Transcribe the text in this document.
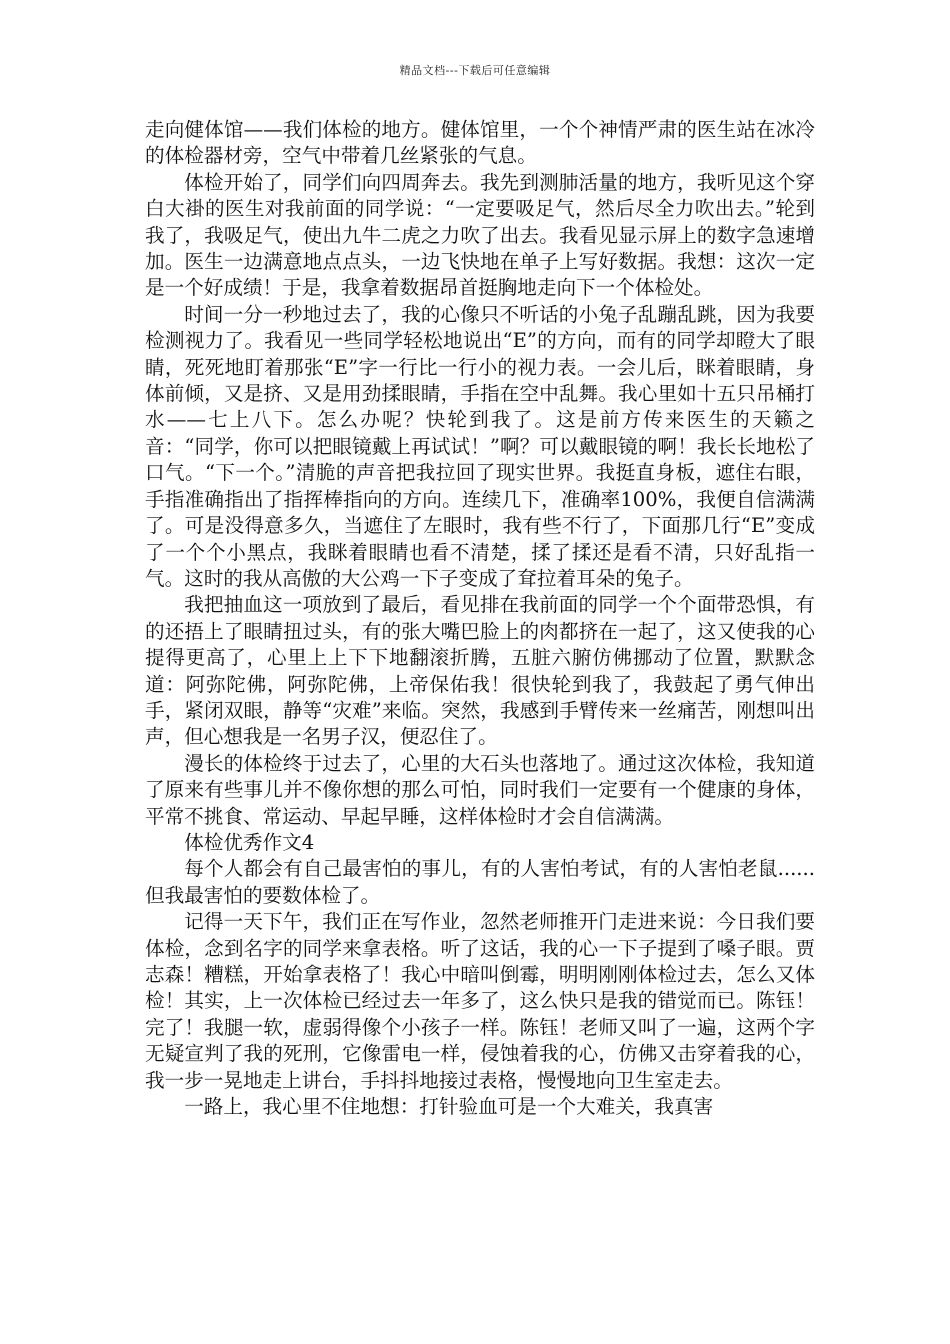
精品文档---下载后可任意编辑

走向健体馆——我们体检的地方。健体馆里，一个个神情严肃的医生站在冰冷的体检器材旁，空气中带着几丝紧张的气息。

体检开始了，同学们向四周奔去。我先到测肺活量的地方，我听见这个穿白大褂的医生对我前面的同学说：“一定要吸足气，然后尽全力吹出去。”轮到我了，我吸足气，使出九牛二虎之力吹了出去。我看见显示屏上的数字急速增加。医生一边满意地点点头，一边飞快地在单子上写好数据。我想：这次一定是一个好成绩！于是，我拿着数据昂首挺胸地走向下一个体检处。

时间一分一秒地过去了，我的心像只不听话的小兔子乱蹦乱跳，因为我要检测视力了。我看见一些同学轻松地说出“E”的方向，而有的同学却瞪大了眼睛，死死地盯着那张“E”字一行比一行小的视力表。一会儿后，眯着眼睛，身体前倾，又是挤、又是用劲揉眼睛，手指在空中乱舞。我心里如十五只吊桶打水——七上八下。怎么办呢？快轮到我了。这是前方传来医生的天籁之音：“同学，你可以把眼镜戴上再试试！”啊？可以戴眼镜的啊！我长长地松了口气。“下一个。”清脆的声音把我拉回了现实世界。我挺直身板，遮住右眼，手指准确指出了指挥棒指向的方向。连续几下，准确率100%，我便自信满满了。可是没得意多久，当遮住了左眼时，我有些不行了，下面那几行“E”变成了一个个小黑点，我眯着眼睛也看不清楚，揉了揉还是看不清，只好乱指一气。这时的我从高傲的大公鸡一下子变成了耷拉着耳朵的兔子。

我把抽血这一项放到了最后，看见排在我前面的同学一个个面带恐惧，有的还捂上了眼睛扭过头，有的张大嘴巴脸上的肉都挤在一起了，这又使我的心提得更高了，心里上上下下地翻滚折腾，五脏六腑仿佛挪动了位置，默默念道：阿弥陀佛，阿弥陀佛，上帝保佑我！很快轮到我了，我鼓起了勇气伸出手，紧闭双眼，静等“灾难”来临。突然，我感到手臂传来一丝痛苦，刚想叫出声，但心想我是一名男子汉，便忍住了。

漫长的体检终于过去了，心里的大石头也落地了。通过这次体检，我知道了原来有些事儿并不像你想的那么可怕，同时我们一定要有一个健康的身体，平常不挑食、常运动、早起早睡，这样体检时才会自信满满。

体检优秀作文4

每个人都会有自己最害怕的事儿，有的人害怕考试，有的人害怕老鼠......但我最害怕的要数体检了。

记得一天下午，我们正在写作业，忽然老师推开门走进来说：今日我们要体检，念到名字的同学来拿表格。听了这话，我的心一下子提到了嗓子眼。贾志森！糟糕，开始拿表格了！我心中暗叫倒霉，明明刚刚体检过去，怎么又体检！其实，上一次体检已经过去一年多了，这么快只是我的错觉而已。陈钰！完了！我腿一软，虚弱得像个小孩子一样。陈钰！老师又叫了一遍，这两个字无疑宣判了我的死刑，它像雷电一样，侵蚀着我的心，仿佛又击穿着我的心，我一步一晃地走上讲台，手抖抖地接过表格，慢慢地向卫生室走去。

一路上，我心里不住地想：打针验血可是一个大难关，我真害
